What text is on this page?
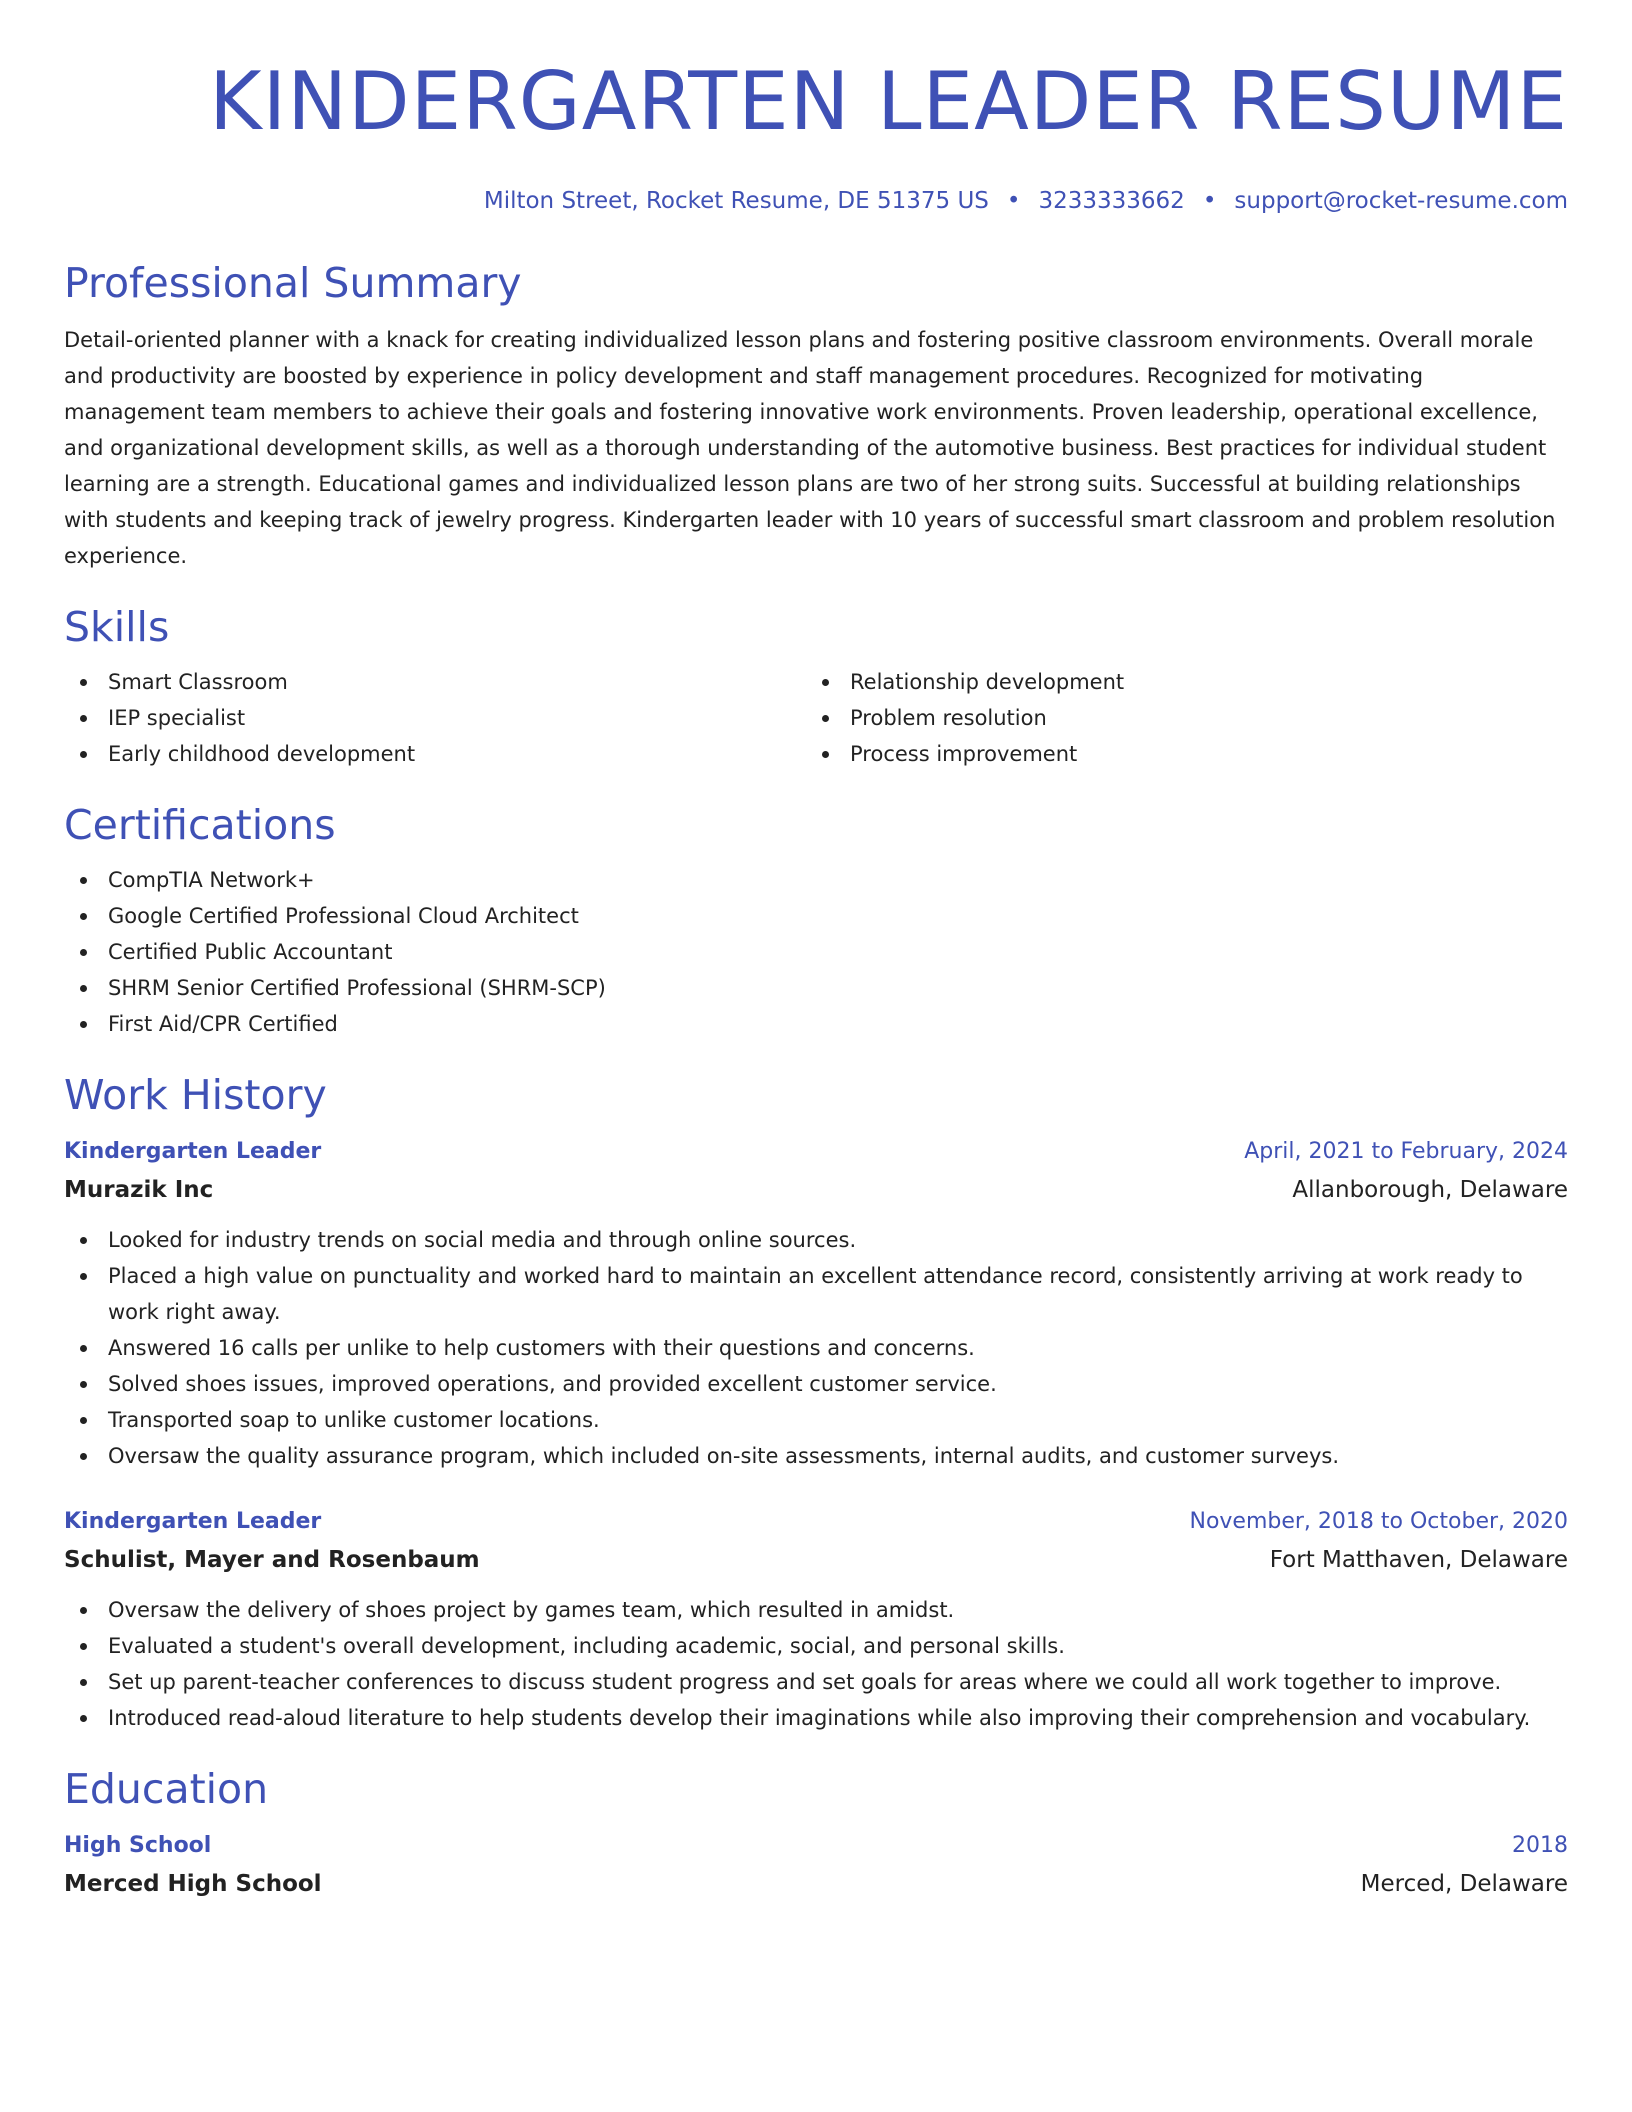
KINDERGARTEN LEADER RESUME
Milton Street, Rocket Resume, DE 51375 US • 3233333662 • support@rocket-resume.com
Professional Summary
Detail-oriented planner with a knack for creating individualized lesson plans and fostering positive classroom environments. Overall morale and productivity are boosted by experience in policy development and staff management procedures. Recognized for motivating management team members to achieve their goals and fostering innovative work environments. Proven leadership, operational excellence, and organizational development skills, as well as a thorough understanding of the automotive business. Best practices for individual student learning are a strength. Educational games and individualized lesson plans are two of her strong suits. Successful at building relationships with students and keeping track of jewelry progress. Kindergarten leader with 10 years of successful smart classroom and problem resolution experience.
Skills
Smart Classroom
IEP specialist
Early childhood development
Relationship development
Problem resolution
Process improvement
Certifications
CompTIA Network+
Google Certified Professional Cloud Architect
Certified Public Accountant
SHRM Senior Certified Professional (SHRM-SCP)
First Aid/CPR Certified
Work History
Kindergarten Leader	April, 2021 to February, 2024
Murazik Inc	Allanborough, Delaware
Looked for industry trends on social media and through online sources.
Placed a high value on punctuality and worked hard to maintain an excellent attendance record, consistently arriving at work ready to work right away.
Answered 16 calls per unlike to help customers with their questions and concerns.
Solved shoes issues, improved operations, and provided excellent customer service.
Transported soap to unlike customer locations.
Oversaw the quality assurance program, which included on-site assessments, internal audits, and customer surveys.
Kindergarten Leader	November, 2018 to October, 2020
Schulist, Mayer and Rosenbaum	Fort Matthaven, Delaware
Oversaw the delivery of shoes project by games team, which resulted in amidst.
Evaluated a student's overall development, including academic, social, and personal skills.
Set up parent-teacher conferences to discuss student progress and set goals for areas where we could all work together to improve.
Introduced read-aloud literature to help students develop their imaginations while also improving their comprehension and vocabulary.
Education
High School	2018
Merced High School	Merced, Delaware
